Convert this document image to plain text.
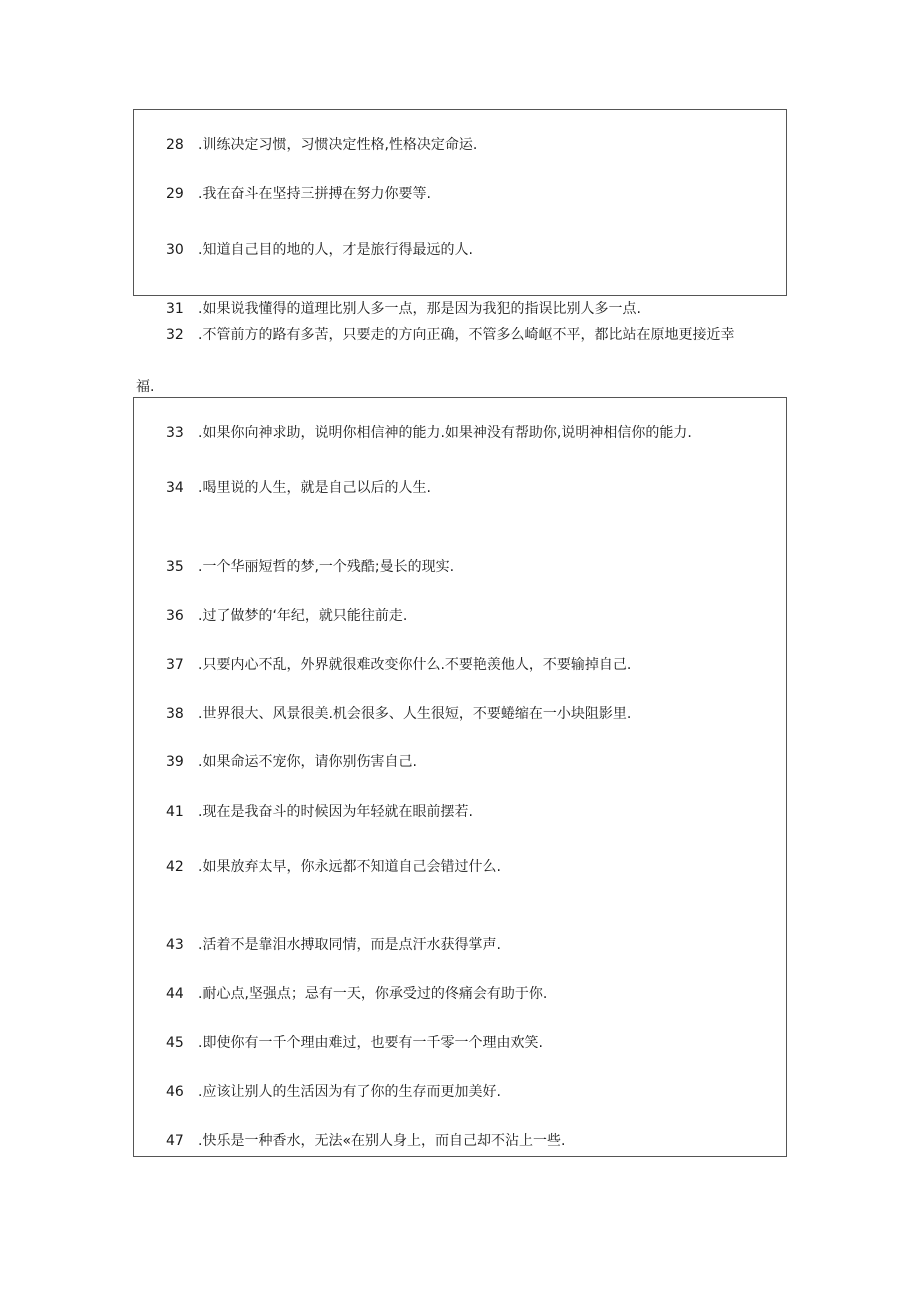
28	.训练决定习惯，习惯决定性格,性格决定命运.
29	.我在奋斗在坚持三拼搏在努力你要等.
30	.知道自己目的地的人，才是旅行得最远的人.
31	.如果说我懂得的道理比别人多一点，那是因为我犯的指误比别人多一点.
32	.不管前方的路有多苦，只要走的方向正确，不管多么崎岖不平，都比站在原地更接近幸
福.
33	.如果你向神求助，说明你相信神的能力.如果神没有帮助你,说明神相信你的能力.
34	.喝里说的人生，就是自己以后的人生.
35	.一个华丽短哲的梦,一个残酷;曼长的现实.
36	.过了做梦的‘年纪，就只能往前走.
37	.只要内心不乱，外界就很难改变你什么.不要艳羡他人，不要输掉自己.
38	.世界很大、风景很美.机会很多、人生很短，不要蜷缩在一小块阻影里.
39	.如果命运不宠你，请你别伤害自己.
41	.现在是我奋斗的时候因为年轻就在眼前摆若.
42	.如果放弃太早，你永远都不知道自己会错过什么.
43	.活着不是靠泪水搏取同情，而是点汗水获得掌声.
44	.耐心点,坚强点；忌有一天，你承受过的佟痛会有助于你.
45	.即使你有一千个理由难过，也要有一千零一个理由欢笑.
46	.应该让别人的生活因为有了你的生存而更加美好.
47	.快乐是一种香水，无法«在别人身上，而自己却不沾上一些.
